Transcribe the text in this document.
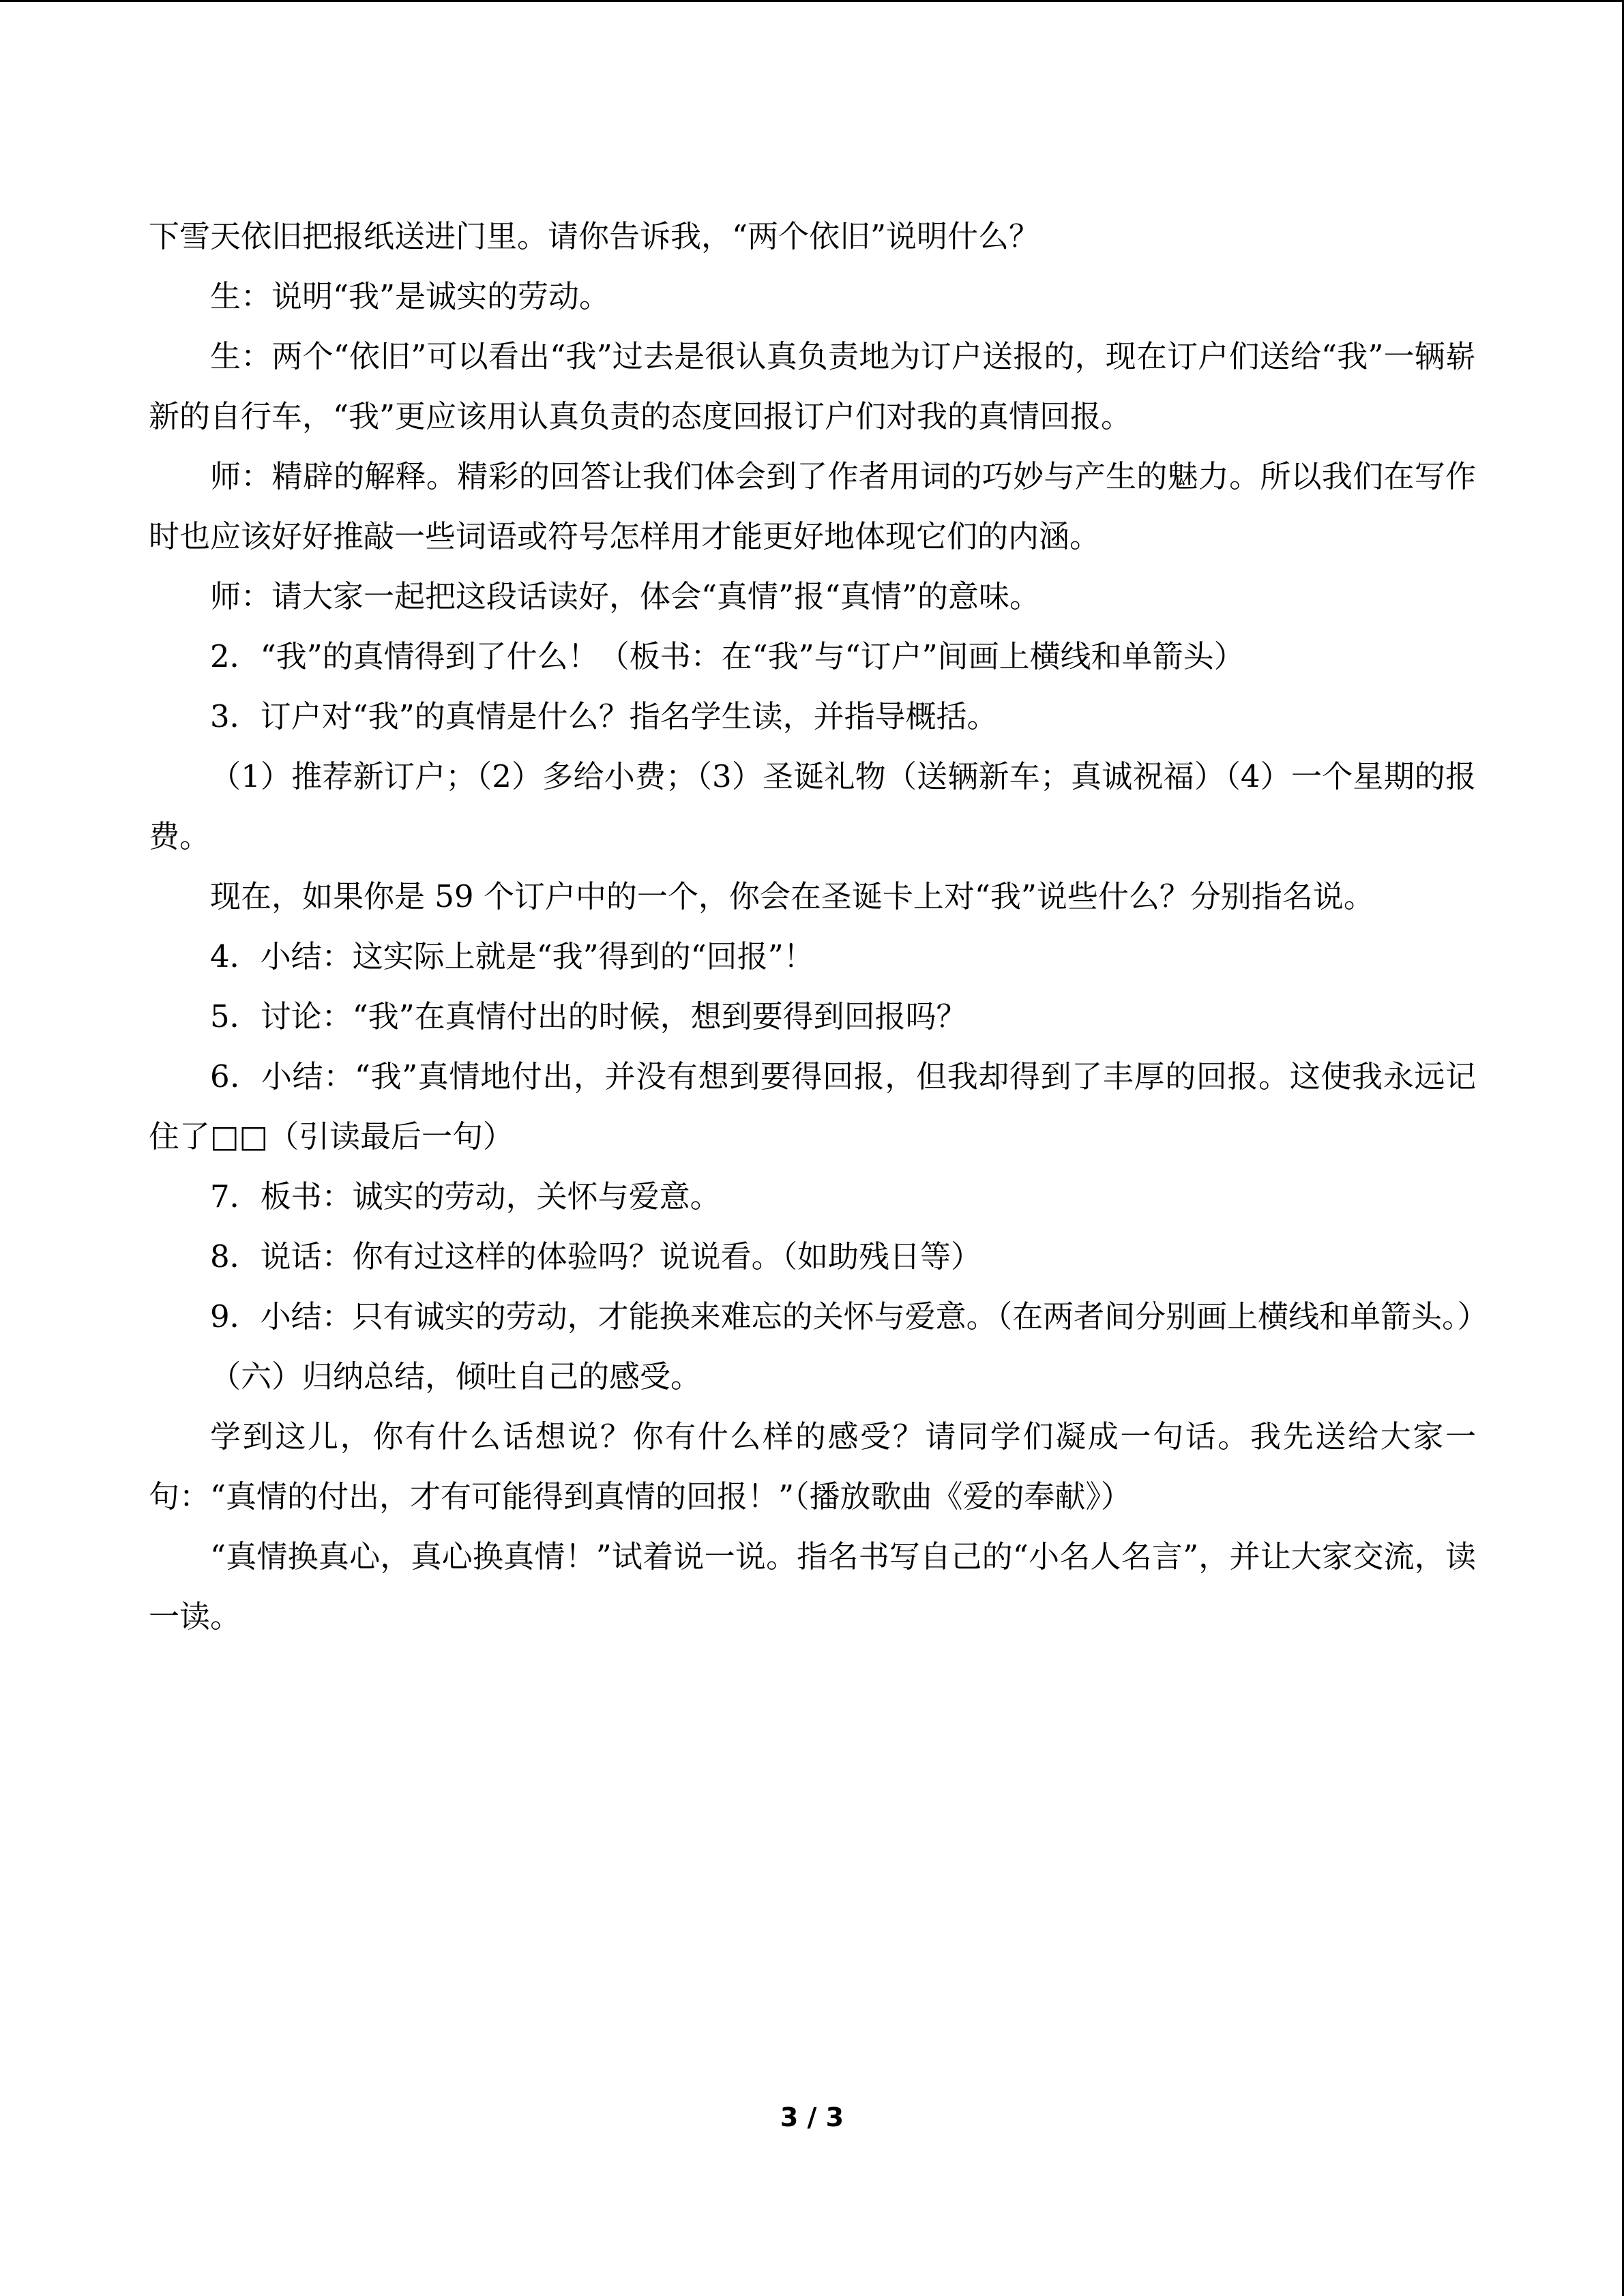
下雪天依旧把报纸送进门里。请你告诉我，“两个依旧”说明什么？

生：说明“我”是诚实的劳动。

生：两个“依旧”可以看出“我”过去是很认真负责地为订户送报的，现在订户们送给“我”一辆崭新的自行车，“我”更应该用认真负责的态度回报订户们对我的真情回报。

师：精辟的解释。精彩的回答让我们体会到了作者用词的巧妙与产生的魅力。所以我们在写作时也应该好好推敲一些词语或符号怎样用才能更好地体现它们的内涵。

师：请大家一起把这段话读好，体会“真情”报“真情”的意味。

2．“我”的真情得到了什么！（板书：在“我”与“订户”间画上横线和单箭头）

3．订户对“我”的真情是什么？指名学生读，并指导概括。

（1）推荐新订户；（2）多给小费；（3）圣诞礼物（送辆新车；真诚祝福）（4）一个星期的报费。

现在，如果你是 59 个订户中的一个，你会在圣诞卡上对“我”说些什么？分别指名说。

4．小结：这实际上就是“我”得到的“回报”！

5．讨论：“我”在真情付出的时候，想到要得到回报吗？

6．小结：“我”真情地付出，并没有想到要得回报，但我却得到了丰厚的回报。这使我永远记住了□□（引读最后一句）

7．板书：诚实的劳动，关怀与爱意。

8．说话：你有过这样的体验吗？说说看。（如助残日等）

9．小结：只有诚实的劳动，才能换来难忘的关怀与爱意。（在两者间分别画上横线和单箭头。）

（六）归纳总结，倾吐自己的感受。

学到这儿，你有什么话想说？你有什么样的感受？请同学们凝成一句话。我先送给大家一句：“真情的付出，才有可能得到真情的回报！”（播放歌曲《爱的奉献》）

“真情换真心，真心换真情！”试着说一说。指名书写自己的“小名人名言”，并让大家交流，读一读。

3 / 3
